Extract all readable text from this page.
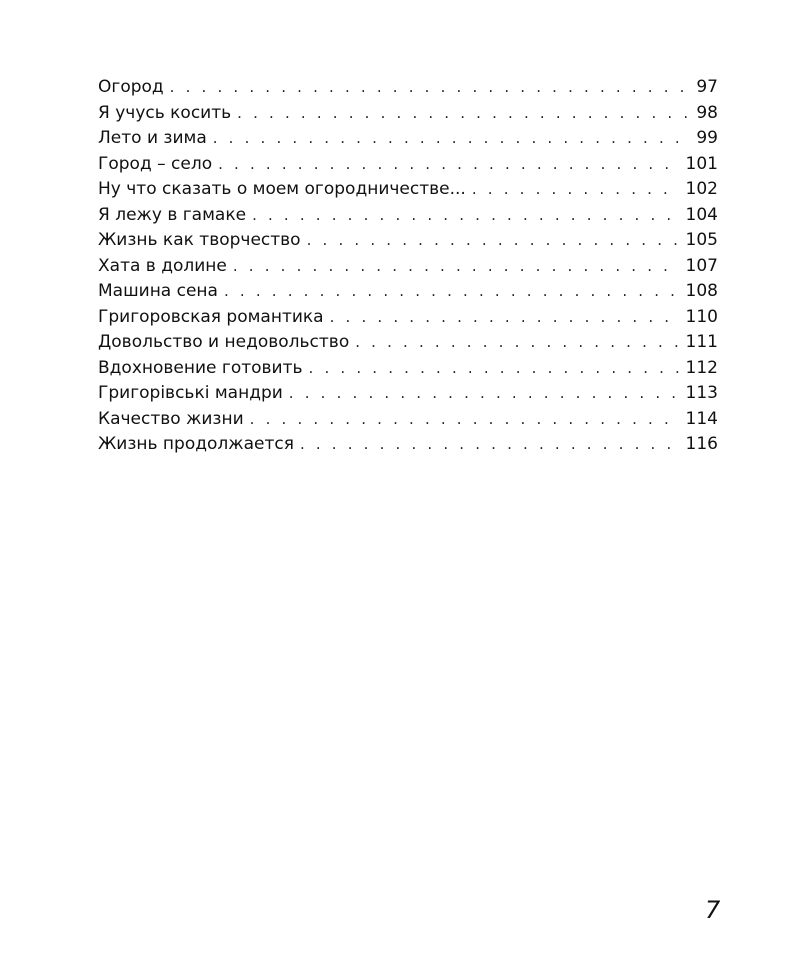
Огород . . .	97
Я учусь косить . . .	98
Лето и зима . . .	99
Город – село . . .	101
Ну что сказать о моем огородничестве... . . .	102
Я лежу в гамаке . . .	104
Жизнь как творчество . . .	105
Хата в долине . . .	107
Машина сена . . .	108
Григоровская романтика . . .	110
Довольство и недовольство . . .	111
Вдохновение готовить . . .	112
Григорівські мандри . . .	113
Качество жизни . . .	114
Жизнь продолжается . . .	116
7
